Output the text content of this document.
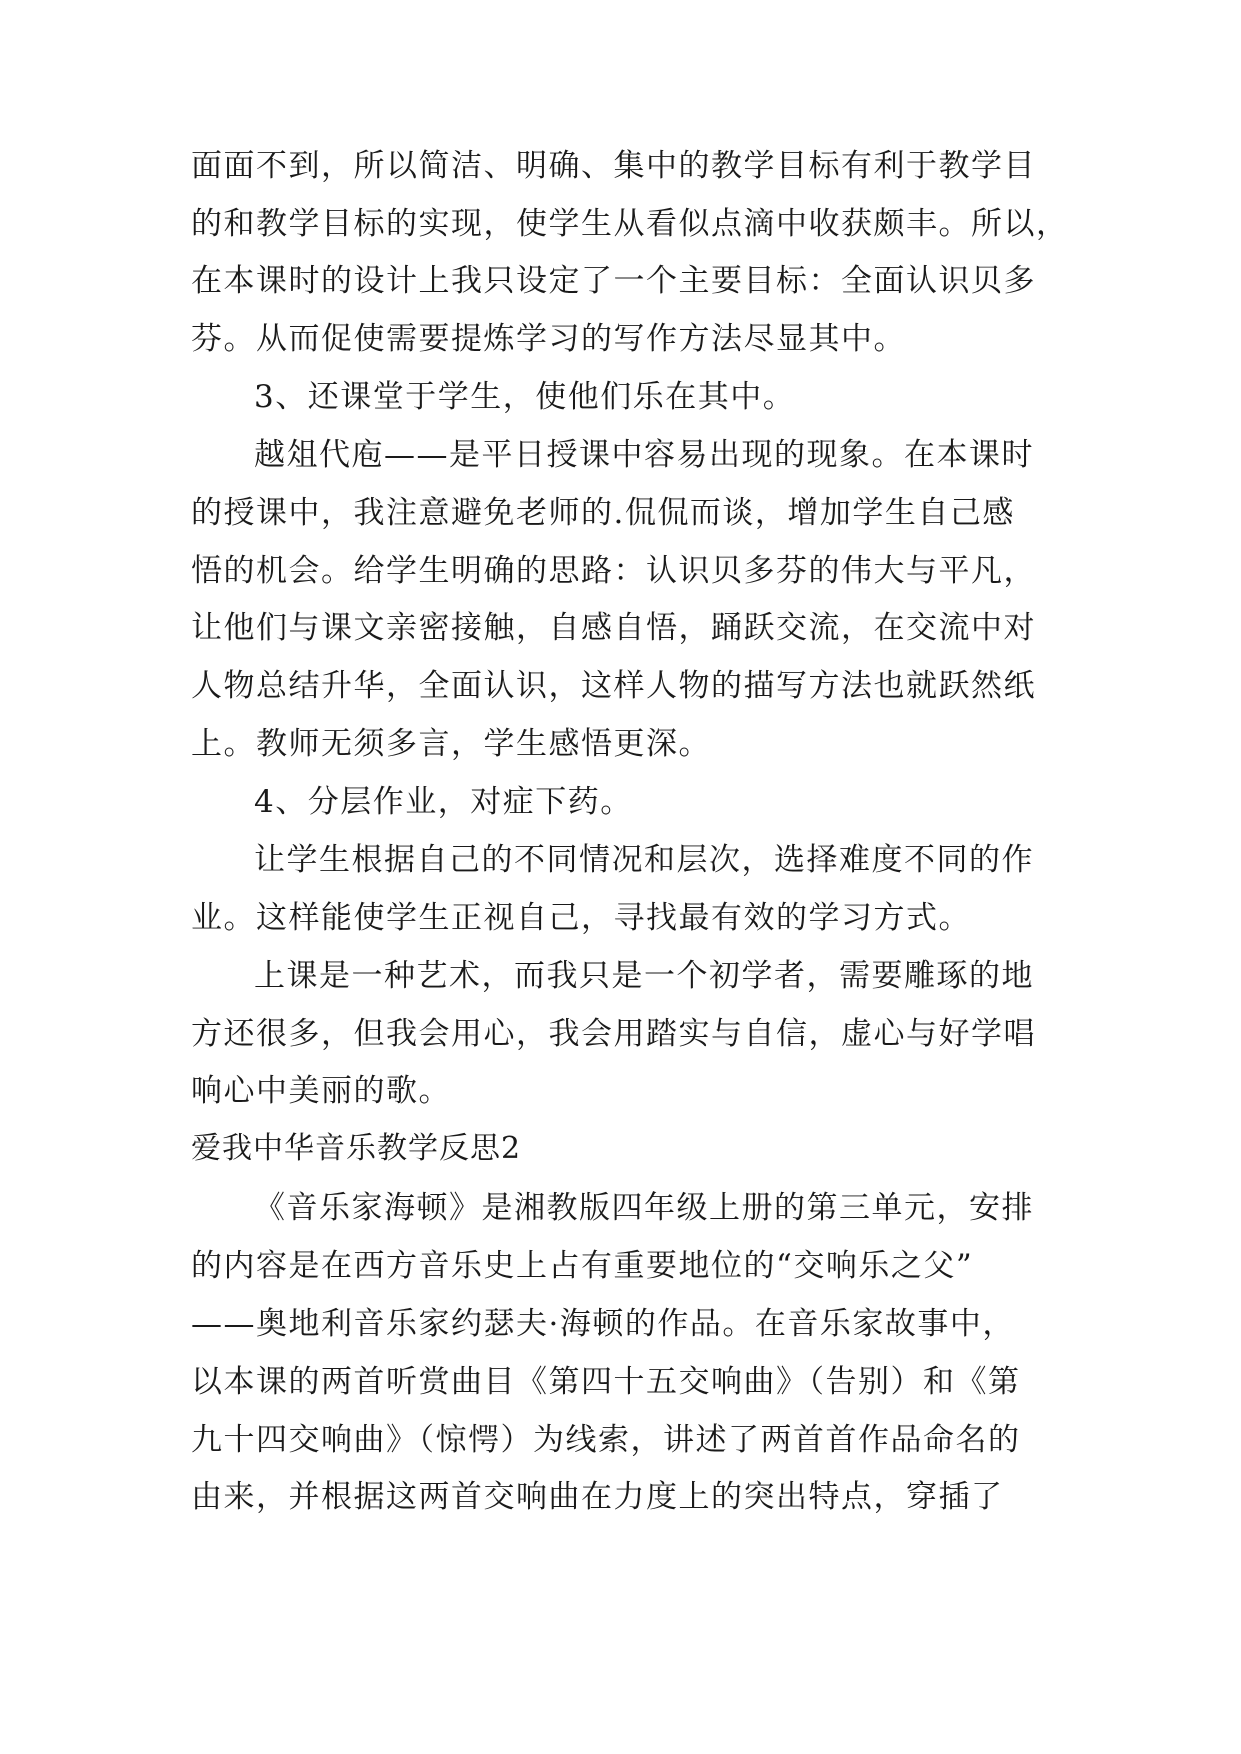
面面不到，所以简洁、明确、集中的教学目标有利于教学目
的和教学目标的实现，使学生从看似点滴中收获颇丰。所以，
在本课时的设计上我只设定了一个主要目标：全面认识贝多
芬。从而促使需要提炼学习的写作方法尽显其中。
3、还课堂于学生，使他们乐在其中。
越俎代庖——是平日授课中容易出现的现象。在本课时
的授课中，我注意避免老师的.侃侃而谈，增加学生自己感
悟的机会。给学生明确的思路：认识贝多芬的伟大与平凡，
让他们与课文亲密接触，自感自悟，踊跃交流，在交流中对
人物总结升华，全面认识，这样人物的描写方法也就跃然纸
上。教师无须多言，学生感悟更深。
4、分层作业，对症下药。
让学生根据自己的不同情况和层次，选择难度不同的作
业。这样能使学生正视自己，寻找最有效的学习方式。
上课是一种艺术，而我只是一个初学者，需要雕琢的地
方还很多，但我会用心，我会用踏实与自信，虚心与好学唱
响心中美丽的歌。
爱我中华音乐教学反思2
《音乐家海顿》是湘教版四年级上册的第三单元，安排
的内容是在西方音乐史上占有重要地位的“交响乐之父”
——奥地利音乐家约瑟夫·海顿的作品。在音乐家故事中，
以本课的两首听赏曲目《第四十五交响曲》（告别）和《第
九十四交响曲》（惊愕）为线索，讲述了两首首作品命名的
由来，并根据这两首交响曲在力度上的突出特点，穿插了
